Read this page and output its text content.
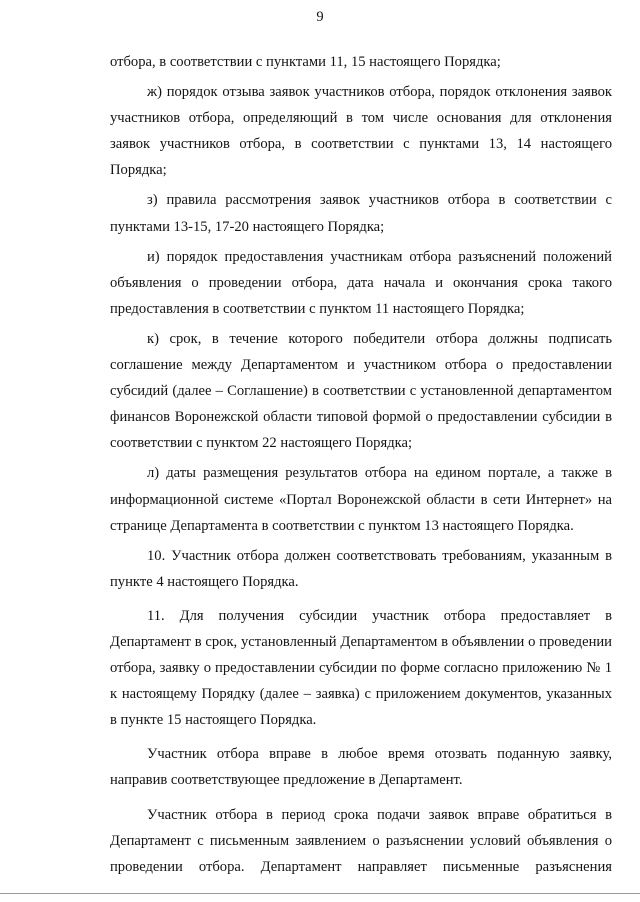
9

отбора, в соответствии с пунктами 11, 15 настоящего Порядка;

ж) порядок отзыва заявок участников отбора, порядок отклонения заявок участников отбора, определяющий в том числе основания для отклонения заявок участников отбора, в соответствии с пунктами 13, 14 настоящего Порядка;

з) правила рассмотрения заявок участников отбора в соответствии с пунктами 13-15, 17-20 настоящего Порядка;

и) порядок предоставления участникам отбора разъяснений положений объявления о проведении отбора, дата начала и окончания срока такого предоставления в соответствии с пунктом 11 настоящего Порядка;

к) срок, в течение которого победители отбора должны подписать соглашение между Департаментом и участником отбора о предоставлении субсидий (далее – Соглашение) в соответствии с установленной департаментом финансов Воронежской области типовой формой о предоставлении субсидии в соответствии с пунктом 22 настоящего Порядка;

л) даты размещения результатов отбора на едином портале, а также в информационной системе «Портал Воронежской области в сети Интернет» на странице Департамента в соответствии с пунктом 13 настоящего Порядка.

10. Участник отбора должен соответствовать требованиям, указанным в пункте 4 настоящего Порядка.

11. Для получения субсидии участник отбора предоставляет в Департамент в срок, установленный Департаментом в объявлении о проведении отбора, заявку о предоставлении субсидии по форме согласно приложению № 1 к настоящему Порядку (далее – заявка) с приложением документов, указанных в пункте 15 настоящего Порядка.

Участник отбора вправе в любое время отозвать поданную заявку, направив соответствующее предложение в Департамент.

Участник отбора в период срока подачи заявок вправе обратиться в Департамент с письменным заявлением о разъяснении условий объявления о проведении отбора. Департамент направляет письменные разъяснения
